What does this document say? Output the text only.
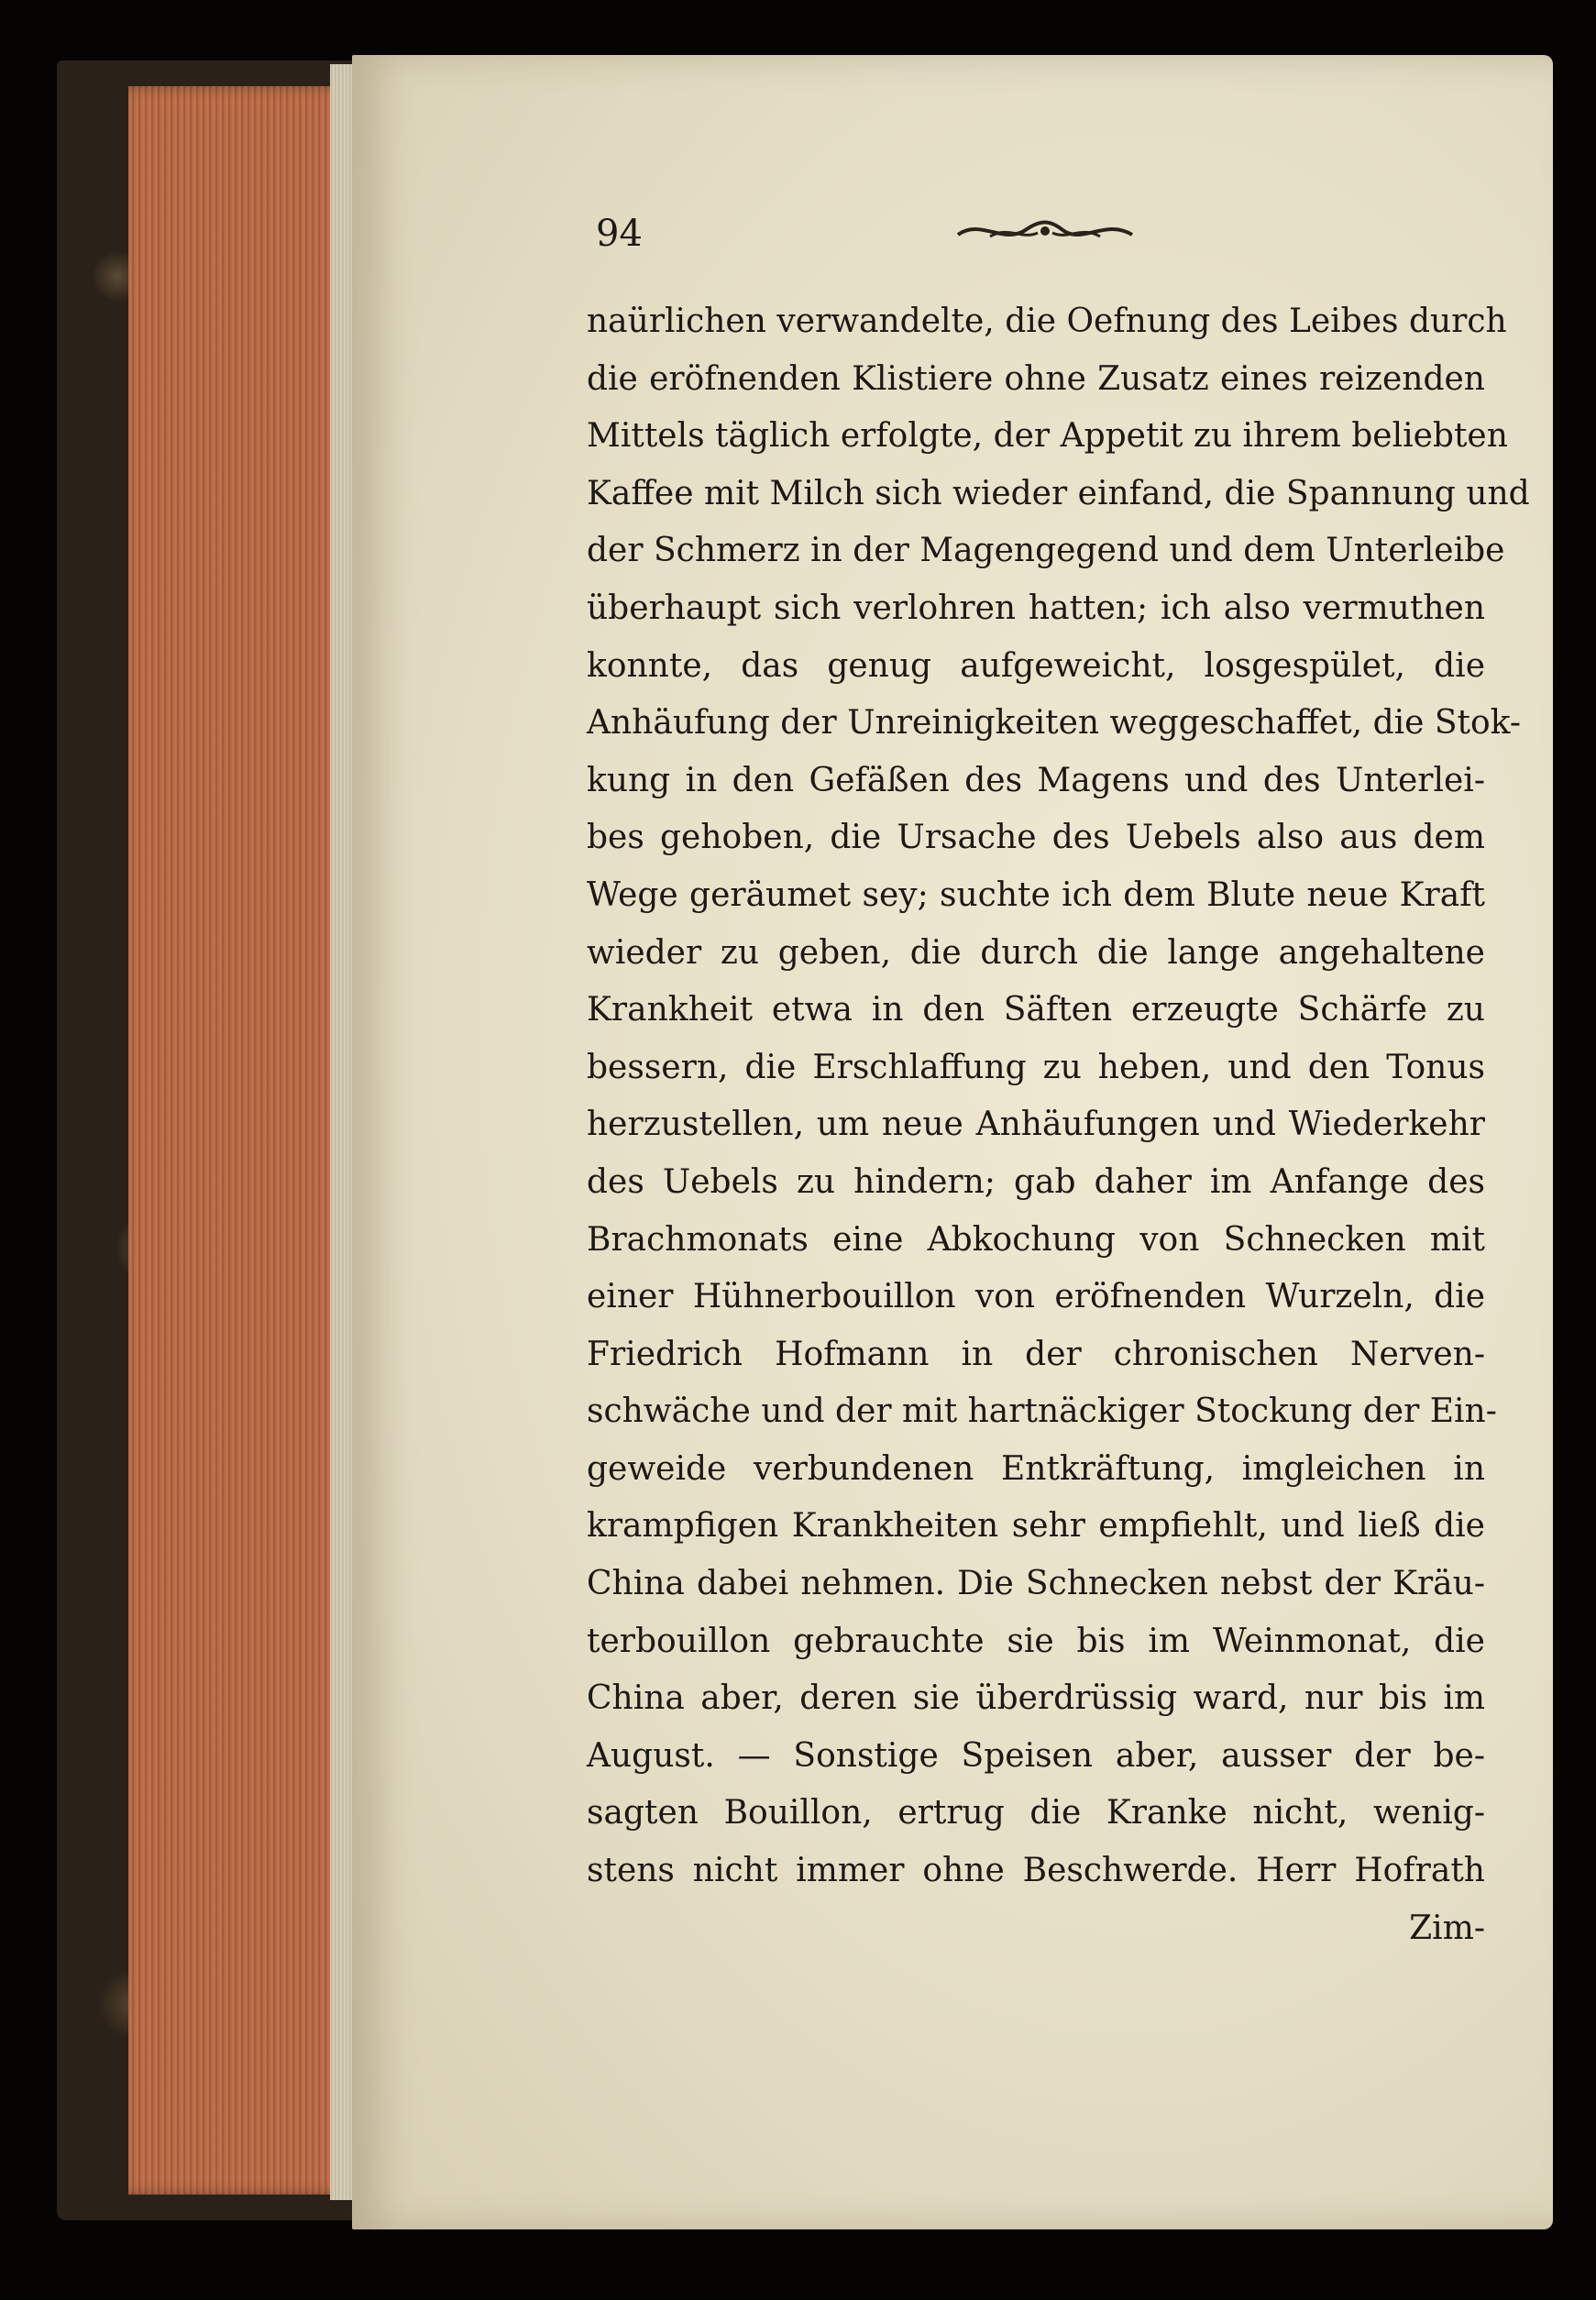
94
naürlichen verwandelte, die Oefnung des Leibes durch
die eröfnenden Klistiere ohne Zusatz eines reizenden
Mittels täglich erfolgte, der Appetit zu ihrem beliebten
Kaffee mit Milch sich wieder einfand, die Spannung und
der Schmerz in der Magengegend und dem Unterleibe
überhaupt sich verlohren hatten; ich also vermuthen
konnte, das genug aufgeweicht, losgespület, die
Anhäufung der Unreinigkeiten weggeschaffet, die Stok-
kung in den Gefäßen des Magens und des Unterlei-
bes gehoben, die Ursache des Uebels also aus dem
Wege geräumet sey; suchte ich dem Blute neue Kraft
wieder zu geben, die durch die lange angehaltene
Krankheit etwa in den Säften erzeugte Schärfe zu
bessern, die Erschlaffung zu heben, und den Tonus
herzustellen, um neue Anhäufungen und Wiederkehr
des Uebels zu hindern; gab daher im Anfange des
Brachmonats eine Abkochung von Schnecken mit
einer Hühnerbouillon von eröfnenden Wurzeln, die
Friedrich Hofmann in der chronischen Nerven-
schwäche und der mit hartnäckiger Stockung der Ein-
geweide verbundenen Entkräftung, imgleichen in
krampfigen Krankheiten sehr empfiehlt, und ließ die
China dabei nehmen. Die Schnecken nebst der Kräu-
terbouillon gebrauchte sie bis im Weinmonat, die
China aber, deren sie überdrüssig ward, nur bis im
August. — Sonstige Speisen aber, ausser der be-
sagten Bouillon, ertrug die Kranke nicht, wenig-
stens nicht immer ohne Beschwerde. Herr Hofrath
Zim-
